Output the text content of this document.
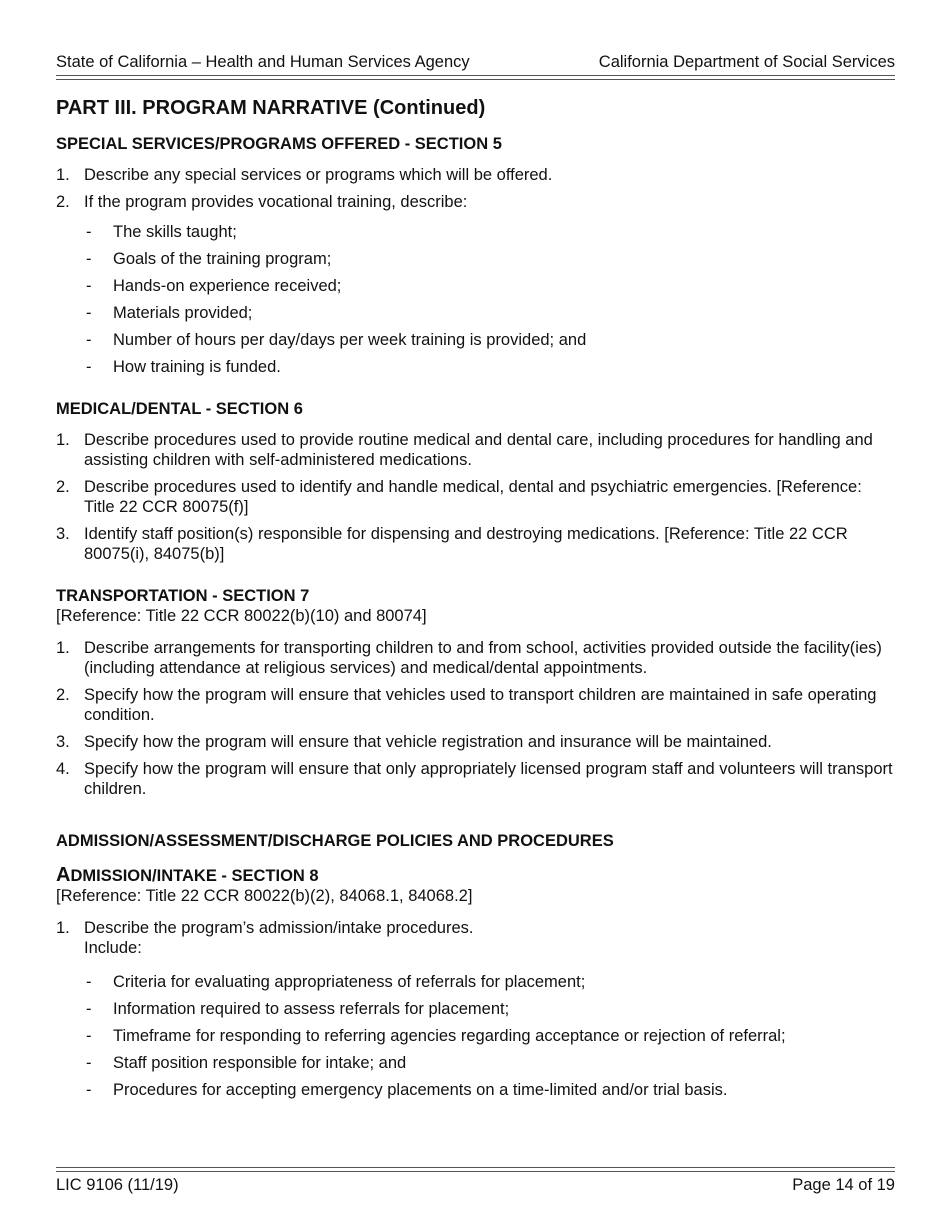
State of California – Health and Human Services Agency	California Department of Social Services
PART III. PROGRAM NARRATIVE (Continued)
SPECIAL SERVICES/PROGRAMS OFFERED - SECTION 5
1. Describe any special services or programs which will be offered.
2. If the program provides vocational training, describe:
- The skills taught;
- Goals of the training program;
- Hands-on experience received;
- Materials provided;
- Number of hours per day/days per week training is provided; and
- How training is funded.
MEDICAL/DENTAL - SECTION 6
1. Describe procedures used to provide routine medical and dental care, including procedures for handling and assisting children with self-administered medications.
2. Describe procedures used to identify and handle medical, dental and psychiatric emergencies. [Reference: Title 22 CCR 80075(f)]
3. Identify staff position(s) responsible for dispensing and destroying medications. [Reference: Title 22 CCR 80075(i), 84075(b)]
TRANSPORTATION - SECTION 7
[Reference: Title 22 CCR 80022(b)(10) and 80074]
1. Describe arrangements for transporting children to and from school, activities provided outside the facility(ies) (including attendance at religious services) and medical/dental appointments.
2. Specify how the program will ensure that vehicles used to transport children are maintained in safe operating condition.
3. Specify how the program will ensure that vehicle registration and insurance will be maintained.
4. Specify how the program will ensure that only appropriately licensed program staff and volunteers will transport children.
ADMISSION/ASSESSMENT/DISCHARGE POLICIES AND PROCEDURES
ADMISSION/INTAKE - SECTION 8
[Reference: Title 22 CCR 80022(b)(2), 84068.1, 84068.2]
1. Describe the program’s admission/intake procedures.
Include:
- Criteria for evaluating appropriateness of referrals for placement;
- Information required to assess referrals for placement;
- Timeframe for responding to referring agencies regarding acceptance or rejection of referral;
- Staff position responsible for intake; and
- Procedures for accepting emergency placements on a time-limited and/or trial basis.
LIC 9106 (11/19)	Page 14 of 19
